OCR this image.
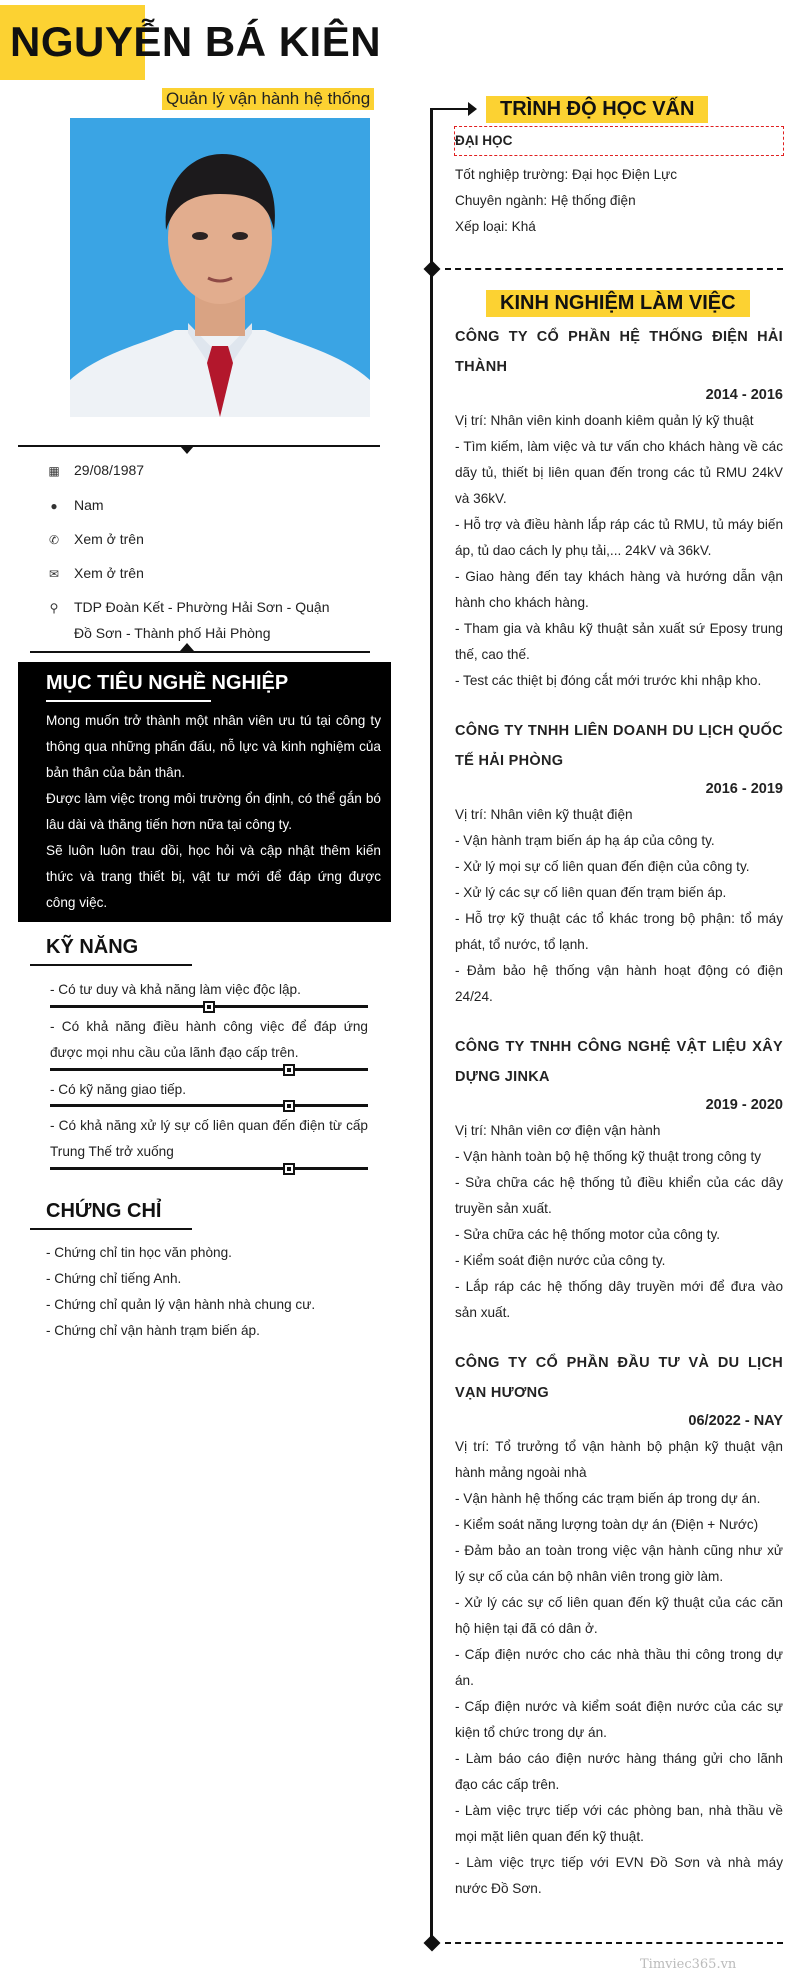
NGUYỄN BÁ KIÊN
Quản lý vận hành hệ thống
▦ 29/08/1987
● Nam
✆ Xem ở trên
✉ Xem ở trên
⚲ TDP Đoàn Kết - Phường Hải Sơn - Quận Đồ Sơn - Thành phố Hải Phòng
MỤC TIÊU NGHỀ NGHIỆP
Mong muốn trở thành một nhân viên ưu tú tại công ty thông qua những phấn đấu, nỗ lực và kinh nghiệm của bản thân của bản thân.
Được làm việc trong môi trường ổn định, có thể gắn bó lâu dài và thăng tiến hơn nữa tại công ty.
Sẽ luôn luôn trau dồi, học hỏi và cập nhật thêm kiến thức và trang thiết bị, vật tư mới để đáp ứng được công việc.
KỸ NĂNG
- Có tư duy và khả năng làm việc độc lập.
- Có khả năng điều hành công việc để đáp ứng được mọi nhu cầu của lãnh đạo cấp trên.
- Có kỹ năng giao tiếp.
- Có khả năng xử lý sự cố liên quan đến điện từ cấp Trung Thế trở xuống
CHỨNG CHỈ
- Chứng chỉ tin học văn phòng.
- Chứng chỉ tiếng Anh.
- Chứng chỉ quản lý vận hành nhà chung cư.
- Chứng chỉ vận hành trạm biến áp.
TRÌNH ĐỘ HỌC VẤN
ĐẠI HỌC
Tốt nghiệp trường: Đại học Điện Lực
Chuyên ngành: Hệ thống điện
Xếp loại: Khá
KINH NGHIỆM LÀM VIỆC
CÔNG TY CỔ PHẦN HỆ THỐNG ĐIỆN HẢI THÀNH
2014 - 2016
Vị trí: Nhân viên kinh doanh kiêm quản lý kỹ thuật
- Tìm kiếm, làm việc và tư vấn cho khách hàng về các dãy tủ, thiết bị liên quan đến trong các tủ RMU 24kV và 36kV.
- Hỗ trợ và điều hành lắp ráp các tủ RMU, tủ máy biến áp, tủ dao cách ly phụ tải,... 24kV và 36kV.
- Giao hàng đến tay khách hàng và hướng dẫn vận hành cho khách hàng.
- Tham gia và khâu kỹ thuật sản xuất sứ Eposy trung thế, cao thế.
- Test các thiệt bị đóng cắt mới trước khi nhập kho.
CÔNG TY TNHH LIÊN DOANH DU LỊCH QUỐC TẾ HẢI PHÒNG
2016 - 2019
Vị trí: Nhân viên kỹ thuật điện
- Vận hành trạm biến áp hạ áp của công ty.
- Xử lý mọi sự cố liên quan đến điện của công ty.
- Xử lý các sự cố liên quan đến trạm biến áp.
- Hỗ trợ kỹ thuật các tổ khác trong bộ phận: tổ máy phát, tổ nước, tổ lạnh.
- Đảm bảo hệ thống vận hành hoạt động có điện 24/24.
CÔNG TY TNHH CÔNG NGHỆ VẬT LIỆU XÂY DỰNG JINKA
2019 - 2020
Vị trí: Nhân viên cơ điện vận hành
- Vận hành toàn bộ hệ thống kỹ thuật trong công ty
- Sửa chữa các hệ thống tủ điều khiển của các dây truyền sản xuất.
- Sửa chữa các hệ thống motor của công ty.
- Kiểm soát điện nước của công ty.
- Lắp ráp các hệ thống dây truyền mới để đưa vào sản xuất.
CÔNG TY CỔ PHẦN ĐẦU TƯ VÀ DU LỊCH VẠN HƯƠNG
06/2022 - NAY
Vị trí: Tổ trưởng tổ vận hành bộ phận kỹ thuật vận hành mảng ngoài nhà
- Vận hành hệ thống các trạm biến áp trong dự án.
- Kiểm soát năng lượng toàn dự án (Điện + Nước)
- Đảm bảo an toàn trong việc vận hành cũng như xử lý sự cố của cán bộ nhân viên trong giờ làm.
- Xử lý các sự cố liên quan đến kỹ thuật của các căn hộ hiện tại đã có dân ở.
- Cấp điện nước cho các nhà thầu thi công trong dự án.
- Cấp điện nước và kiểm soát điện nước của các sự kiện tổ chức trong dự án.
- Làm báo cáo điện nước hàng tháng gửi cho lãnh đạo các cấp trên.
- Làm việc trực tiếp với các phòng ban, nhà thầu về mọi mặt liên quan đến kỹ thuật.
- Làm việc trực tiếp với EVN Đồ Sơn và nhà máy nước Đồ Sơn.
Timviec365.vn
